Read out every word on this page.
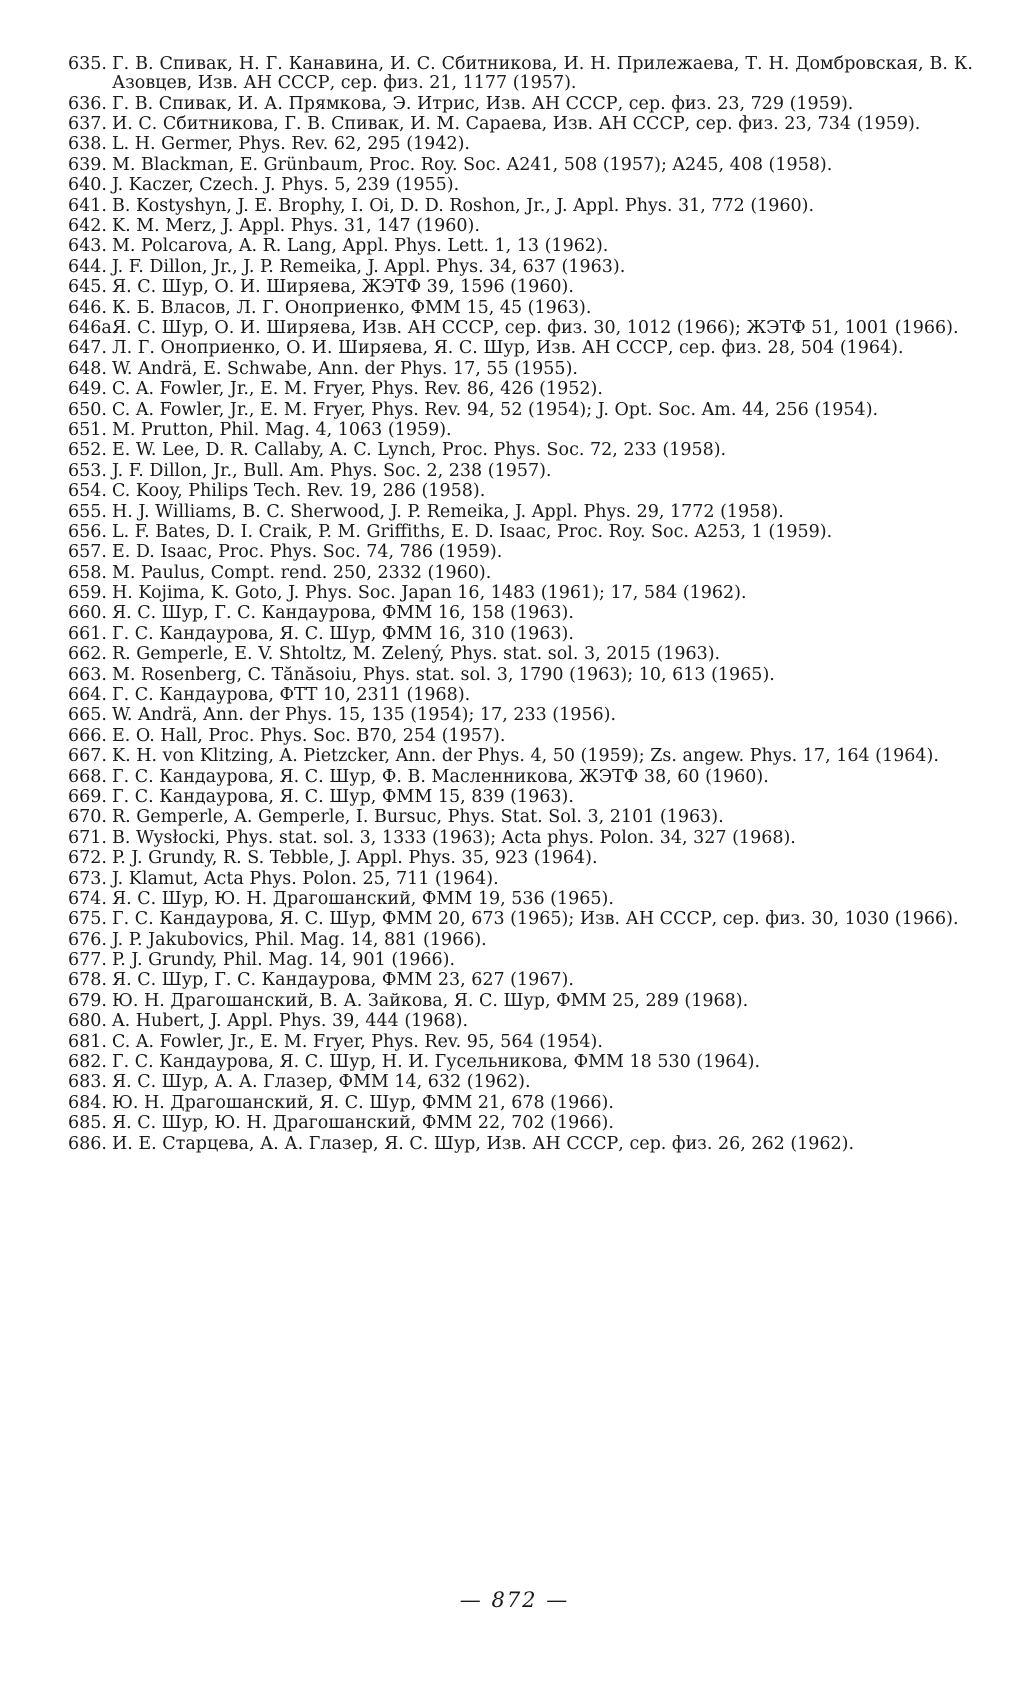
635. Г. В. Спивак, Н. Г. Канавина, И. С. Сбитникова, И. Н. Прилежаева, Т. Н. Домбровская, В. К. Азовцев, Изв. АН СССР, сер. физ. 21, 1177 (1957).
636. Г. В. Спивак, И. А. Прямкова, Э. Итрис, Изв. АН СССР, сер. физ. 23, 729 (1959).
637. И. С. Сбитникова, Г. В. Спивак, И. М. Сараева, Изв. АН СССР, сер. физ. 23, 734 (1959).
638. L. H. Germer, Phys. Rev. 62, 295 (1942).
639. M. Blackman, E. Grünbaum, Proc. Roy. Soc. A241, 508 (1957); A245, 408 (1958).
640. J. Kaczer, Czech. J. Phys. 5, 239 (1955).
641. B. Kostyshyn, J. E. Brophy, I. Oi, D. D. Roshon, Jr., J. Appl. Phys. 31, 772 (1960).
642. K. M. Merz, J. Appl. Phys. 31, 147 (1960).
643. M. Polcarova, A. R. Lang, Appl. Phys. Lett. 1, 13 (1962).
644. J. F. Dillon, Jr., J. P. Remeika, J. Appl. Phys. 34, 637 (1963).
645. Я. С. Шур, О. И. Ширяева, ЖЭТФ 39, 1596 (1960).
646. К. Б. Власов, Л. Г. Оноприенко, ФММ 15, 45 (1963).
646а.
Я. С. Шур, О. И. Ширяева, Изв. АН СССР, сер. физ. 30, 1012 (1966); ЖЭТФ 51, 1001 (1966).
647. Л. Г. Оноприенко, О. И. Ширяева, Я. С. Шур, Изв. АН СССР, сер. физ. 28, 504 (1964).
648. W. Andrä, E. Schwabe, Ann. der Phys. 17, 55 (1955).
649. C. A. Fowler, Jr., E. M. Fryer, Phys. Rev. 86, 426 (1952).
650. C. A. Fowler, Jr., E. M. Fryer, Phys. Rev. 94, 52 (1954); J. Opt. Soc. Am. 44, 256 (1954).
651. M. Prutton, Phil. Mag. 4, 1063 (1959).
652. E. W. Lee, D. R. Callaby, A. C. Lynch, Proc. Phys. Soc. 72, 233 (1958).
653. J. F. Dillon, Jr., Bull. Am. Phys. Soc. 2, 238 (1957).
654. C. Kooy, Philips Tech. Rev. 19, 286 (1958).
655. H. J. Williams, B. C. Sherwood, J. P. Remeika, J. Appl. Phys. 29, 1772 (1958).
656. L. F. Bates, D. I. Craik, P. M. Griffiths, E. D. Isaac, Proc. Roy. Soc. A253, 1 (1959).
657. E. D. Isaac, Proc. Phys. Soc. 74, 786 (1959).
658. M. Paulus, Compt. rend. 250, 2332 (1960).
659. H. Kojima, K. Goto, J. Phys. Soc. Japan 16, 1483 (1961); 17, 584 (1962).
660. Я. С. Шур, Г. С. Кандаурова, ФММ 16, 158 (1963).
661. Г. С. Кандаурова, Я. С. Шур, ФММ 16, 310 (1963).
662. R. Gemperle, E. V. Shtoltz, M. Zelený, Phys. stat. sol. 3, 2015 (1963).
663. M. Rosenberg, C. Tănăsoiu, Phys. stat. sol. 3, 1790 (1963); 10, 613 (1965).
664. Г. С. Кандаурова, ФТТ 10, 2311 (1968).
665. W. Andrä, Ann. der Phys. 15, 135 (1954); 17, 233 (1956).
666. E. O. Hall, Proc. Phys. Soc. B70, 254 (1957).
667. K. H. von Klitzing, A. Pietzcker, Ann. der Phys. 4, 50 (1959); Zs. angew. Phys. 17, 164 (1964).
668. Г. С. Кандаурова, Я. С. Шур, Ф. В. Масленникова, ЖЭТФ 38, 60 (1960).
669. Г. С. Кандаурова, Я. С. Шур, ФММ 15, 839 (1963).
670. R. Gemperle, A. Gemperle, I. Bursuc, Phys. Stat. Sol. 3, 2101 (1963).
671. B. Wysłocki, Phys. stat. sol. 3, 1333 (1963); Acta phys. Polon. 34, 327 (1968).
672. P. J. Grundy, R. S. Tebble, J. Appl. Phys. 35, 923 (1964).
673. J. Klamut, Acta Phys. Polon. 25, 711 (1964).
674. Я. С. Шур, Ю. Н. Драгошанский, ФММ 19, 536 (1965).
675. Г. С. Кандаурова, Я. С. Шур, ФММ 20, 673 (1965); Изв. АН СССР, сер. физ. 30, 1030 (1966).
676. J. P. Jakubovics, Phil. Mag. 14, 881 (1966).
677. P. J. Grundy, Phil. Mag. 14, 901 (1966).
678. Я. С. Шур, Г. С. Кандаурова, ФММ 23, 627 (1967).
679. Ю. Н. Драгошанский, В. А. Зайкова, Я. С. Шур, ФММ 25, 289 (1968).
680. A. Hubert, J. Appl. Phys. 39, 444 (1968).
681. C. A. Fowler, Jr., E. M. Fryer, Phys. Rev. 95, 564 (1954).
682. Г. С. Кандаурова, Я. С. Шур, Н. И. Гусельникова, ФММ 18 530 (1964).
683. Я. С. Шур, А. А. Глазер, ФММ 14, 632 (1962).
684. Ю. Н. Драгошанский, Я. С. Шур, ФММ 21, 678 (1966).
685. Я. С. Шур, Ю. Н. Драгошанский, ФММ 22, 702 (1966).
686. И. Е. Старцева, А. А. Глазер, Я. С. Шур, Изв. АН СССР, сер. физ. 26, 262 (1962).
— 872 —
